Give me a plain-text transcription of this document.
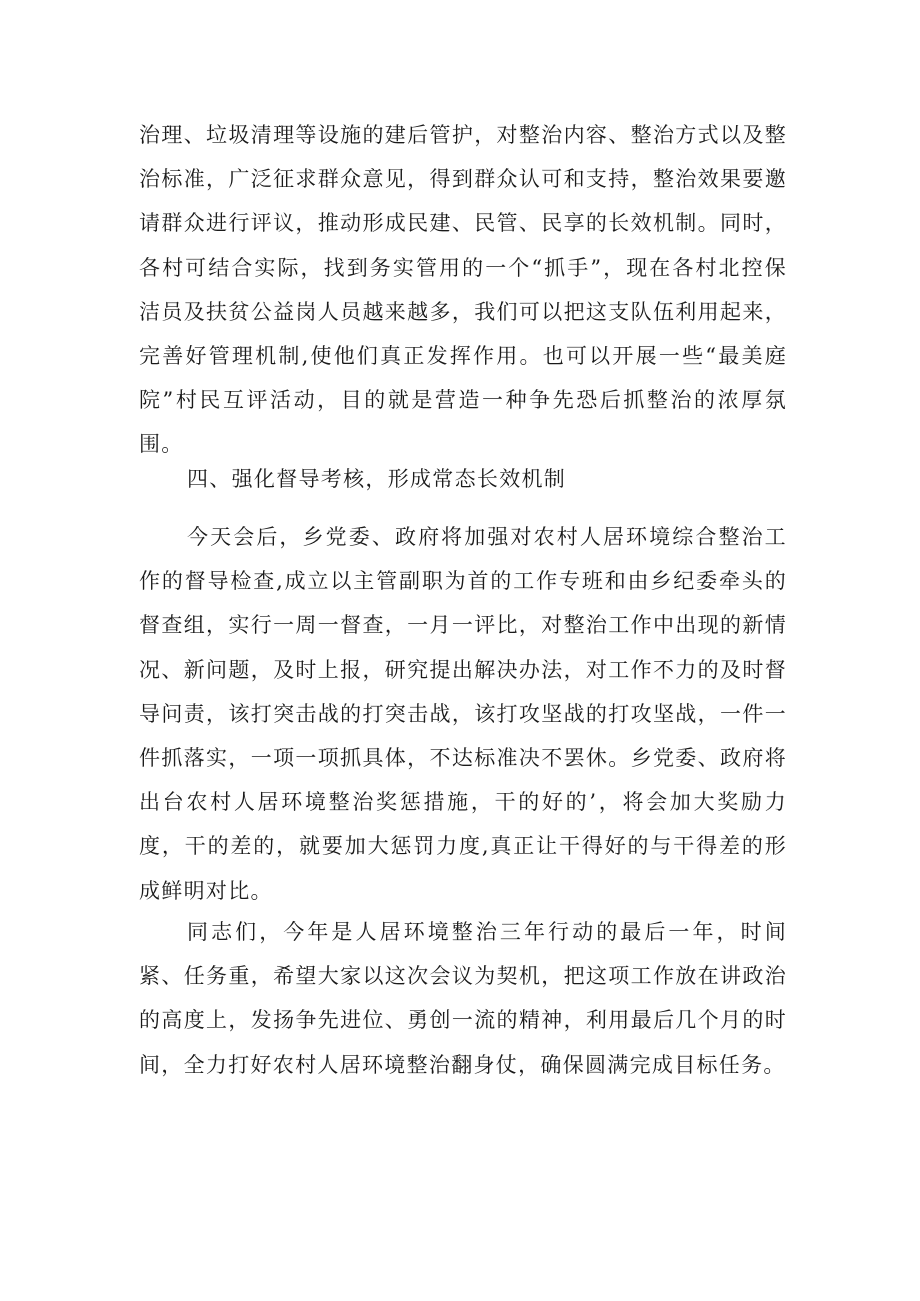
治理、垃圾清理等设施的建后管护，对整治内容、整治方式以及整治标准，广泛征求群众意见，得到群众认可和支持，整治效果要邀请群众进行评议，推动形成民建、民管、民享的长效机制。同时，各村可结合实际，找到务实管用的一个“抓手”，现在各村北控保洁员及扶贫公益岗人员越来越多，我们可以把这支队伍利用起来，完善好管理机制,使他们真正发挥作用。也可以开展一些“最美庭院”村民互评活动，目的就是营造一种争先恐后抓整治的浓厚氛围。

四、强化督导考核，形成常态长效机制

今天会后，乡党委、政府将加强对农村人居环境综合整治工作的督导检查,成立以主管副职为首的工作专班和由乡纪委牵头的督查组，实行一周一督查，一月一评比，对整治工作中出现的新情况、新问题，及时上报，研究提出解决办法，对工作不力的及时督导问责，该打突击战的打突击战，该打攻坚战的打攻坚战，一件一件抓落实，一项一项抓具体，不达标准决不罢休。乡党委、政府将出台农村人居环境整治奖惩措施，干的好的’，将会加大奖励力度，干的差的，就要加大惩罚力度,真正让干得好的与干得差的形成鲜明对比。

同志们，今年是人居环境整治三年行动的最后一年，时间紧、任务重，希望大家以这次会议为契机，把这项工作放在讲政治的高度上，发扬争先进位、勇创一流的精神，利用最后几个月的时间，全力打好农村人居环境整治翻身仗，确保圆满完成目标任务。
